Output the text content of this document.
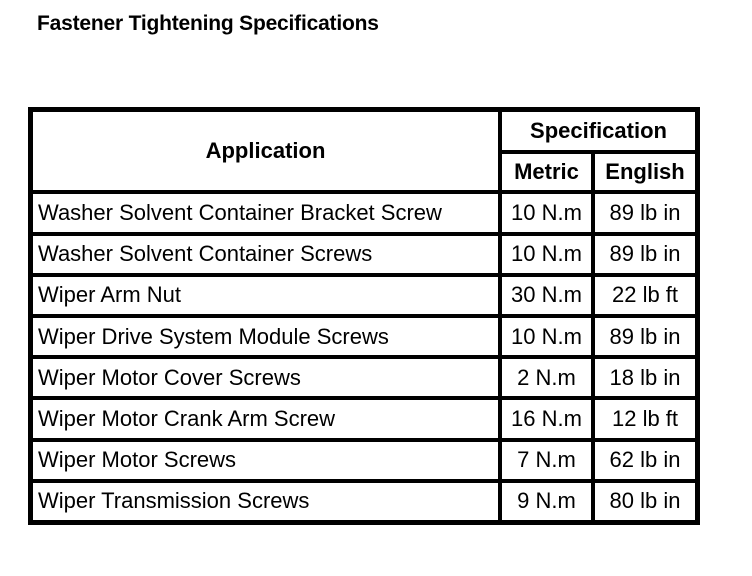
Fastener Tightening Specifications
Application	Specification	
	Metric	English
Washer Solvent Container Bracket Screw	10 N.m	89 lb in
Washer Solvent Container Screws	10 N.m	89 lb in
Wiper Arm Nut	30 N.m	22 lb ft
Wiper Drive System Module Screws	10 N.m	89 lb in
Wiper Motor Cover Screws	2 N.m	18 lb in
Wiper Motor Crank Arm Screw	16 N.m	12 lb ft
Wiper Motor Screws	7 N.m	62 lb in
Wiper Transmission Screws	9 N.m	80 lb in
